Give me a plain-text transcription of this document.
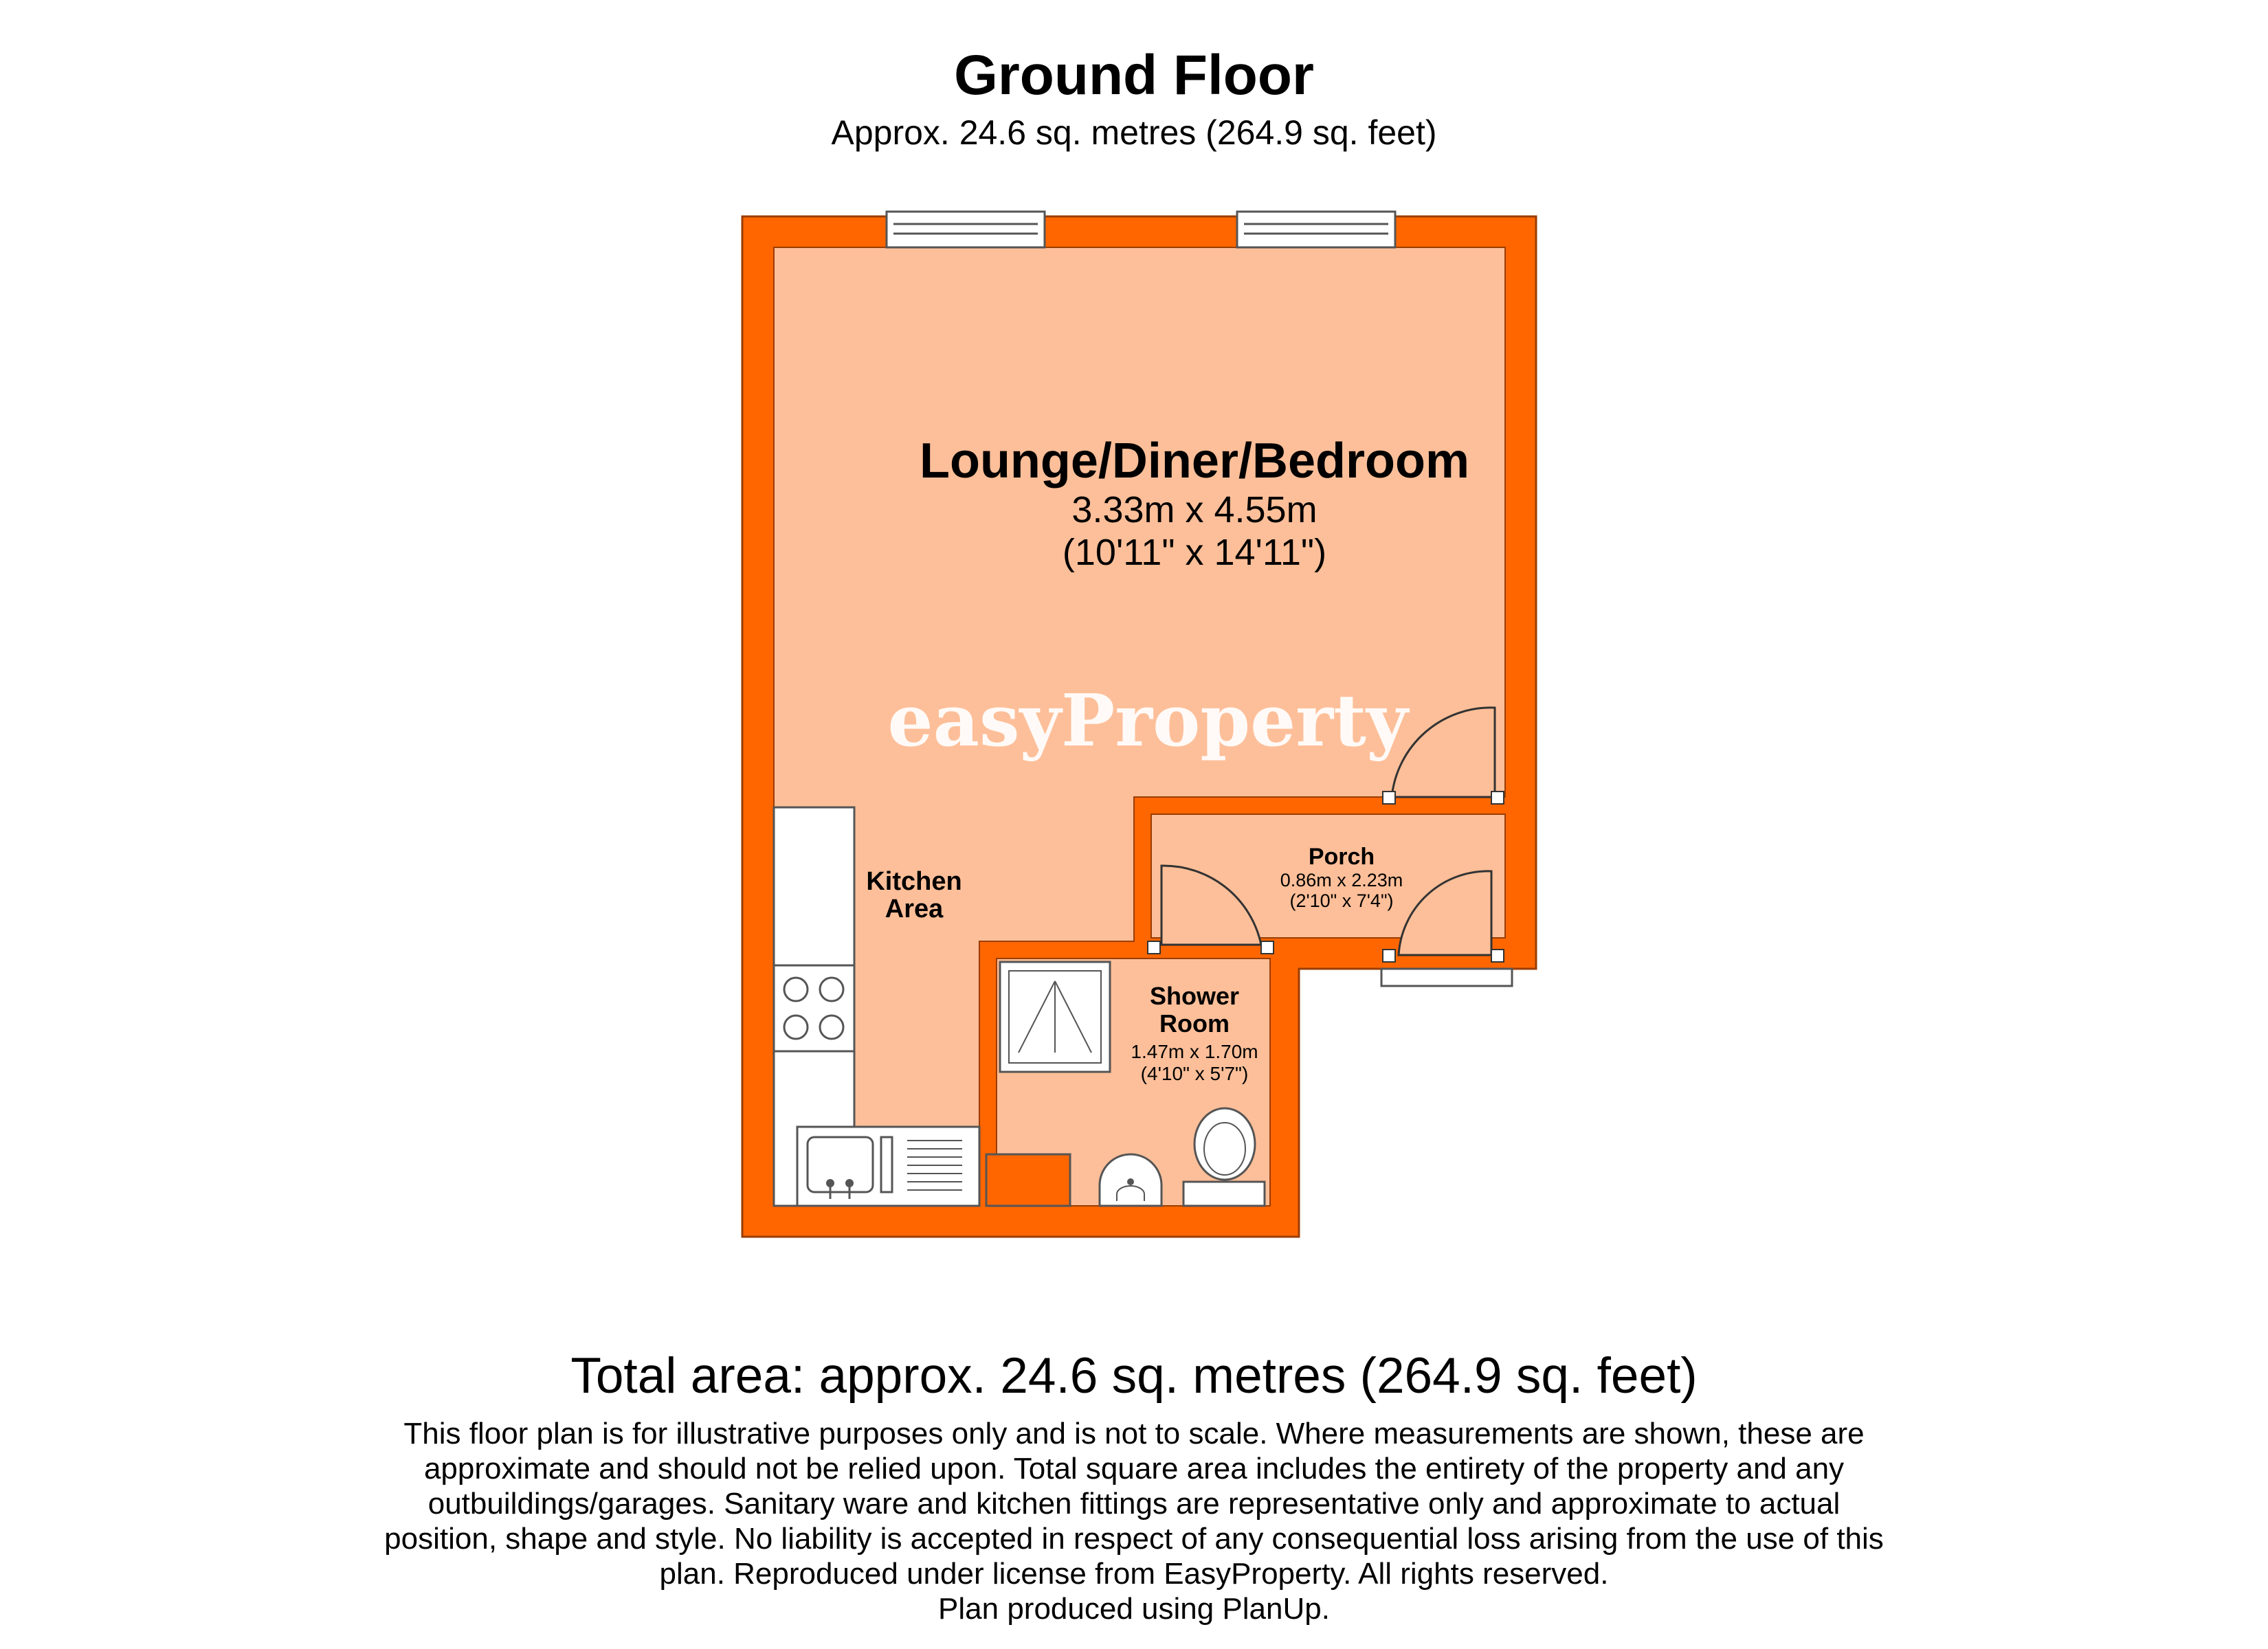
Ground Floor

Approx. 24.6 sq. metres (264.9 sq. feet)

easyProperty
Lounge/Diner/Bedroom
3.33m x 4.55m
(10'11" x 14'11")
Kitchen
Area
Porch
0.86m x 2.23m
(2'10" x 7'4")
Shower
Room
1.47m x 1.70m
(4'10" x 5'7")

Total area: approx. 24.6 sq. metres (264.9 sq. feet)

This floor plan is for illustrative purposes only and is not to scale. Where measurements are shown, these are approximate and should not be relied upon. Total square area includes the entirety of the property and any outbuildings/garages. Sanitary ware and kitchen fittings are representative only and approximate to actual position, shape and style. No liability is accepted in respect of any consequential loss arising from the use of this plan. Reproduced under license from EasyProperty. All rights reserved.

Plan produced using PlanUp.
